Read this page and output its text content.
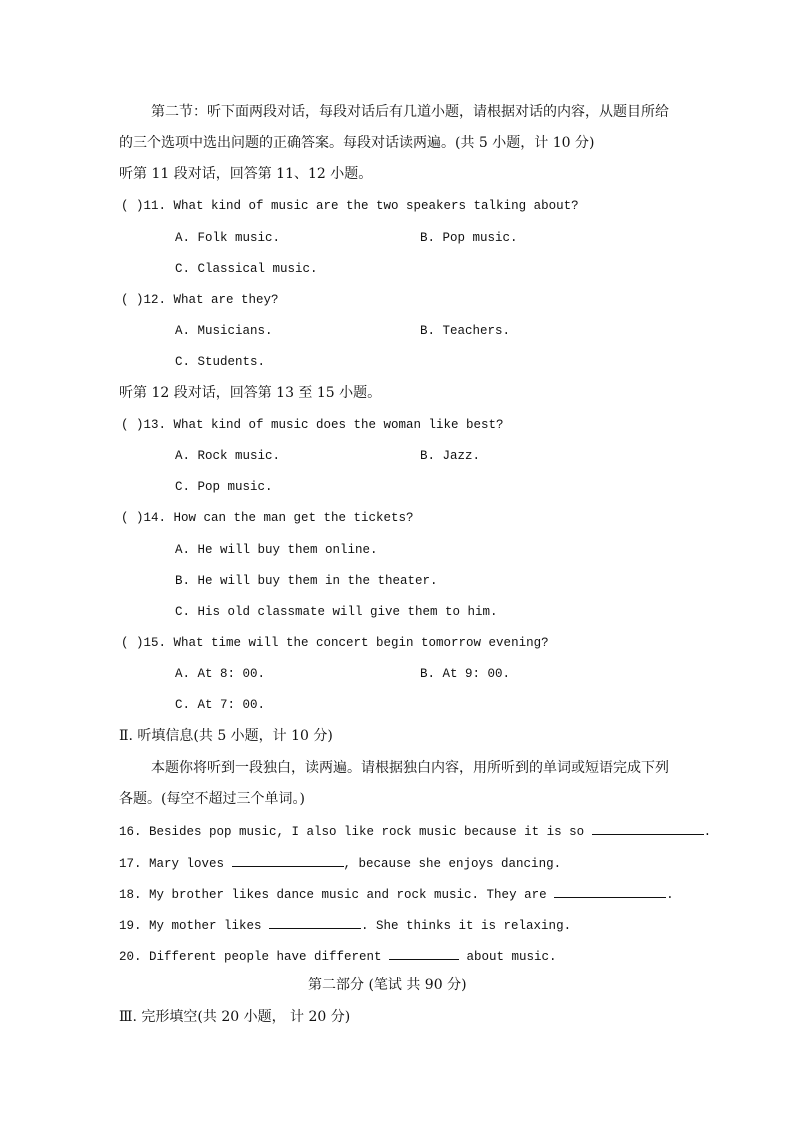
第二节：听下面两段对话，每段对话后有几道小题，请根据对话的内容，从题目所给
的三个选项中选出问题的正确答案。每段对话读两遍。(共 5 小题，计 10 分)
听第 11 段对话，回答第 11、12 小题。
( )11. What kind of music are the two speakers talking about?
A. Folk music.	B. Pop music.
C. Classical music.
( )12. What are they?
A. Musicians.	B. Teachers.
C. Students.
听第 12 段对话，回答第 13 至 15 小题。
( )13. What kind of music does the woman like best?
A. Rock music.	B. Jazz.
C. Pop music.
( )14. How can the man get the tickets?
A. He will buy them online.
B. He will buy them in the theater.
C. His old classmate will give them to him.
( )15. What time will the concert begin tomorrow evening?
A. At 8: 00.	B. At 9: 00.
C. At 7: 00.
Ⅱ. 听填信息(共 5 小题，计 10 分)
本题你将听到一段独白，读两遍。请根据独白内容，用所听到的单词或短语完成下列
各题。(每空不超过三个单词。)
16. Besides pop music, I also like rock music because it is so	.
17. Mary loves	, because she enjoys dancing.
18. My brother likes dance music and rock music. They are	.
19. My mother likes	. She thinks it is relaxing.
20. Different people have different	about music.
第二部分 (笔试 共 90 分)
Ⅲ. 完形填空(共 20 小题， 计 20 分)
